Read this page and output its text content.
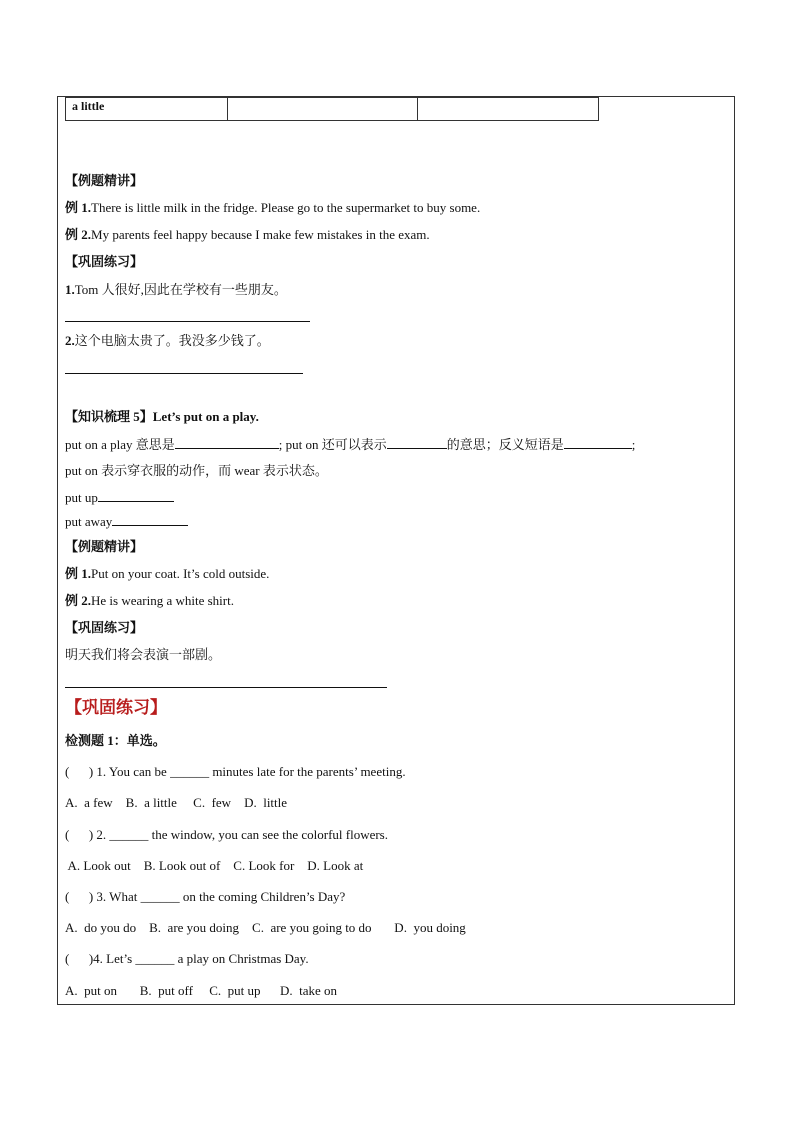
a little		
【例题精讲】
例 1.There is little milk in the fridge. Please go to the supermarket to buy some.
例 2.My parents feel happy because I make few mistakes in the exam.
【巩固练习】
1.Tom 人很好,因此在学校有一些朋友。
2.这个电脑太贵了。我没多少钱了。
【知识梳理 5】Let’s put on a play.
put on a play 意思是	; put on 还可以表示	的意思；反义短语是	;
put on 表示穿衣服的动作，而 wear 表示状态。
put up
put away
【例题精讲】
例 1.Put on your coat. It’s cold outside.
例 2.He is wearing a white shirt.
【巩固练习】
明天我们将会表演一部剧。
【巩固练习】
检测题 1：单选。
(      ) 1. You can be ______ minutes late for the parents’ meeting.
A.  a few    B.  a little     C.  few    D.  little
(      ) 2. ______ the window, you can see the colorful flowers.
A. Look out    B. Look out of    C. Look for    D. Look at
(      ) 3. What ______ on the coming Children’s Day?
A.  do you do    B.  are you doing    C.  are you going to do       D.  you doing
(      )4. Let’s ______ a play on Christmas Day.
A.  put on       B.  put off     C.  put up      D.  take on
